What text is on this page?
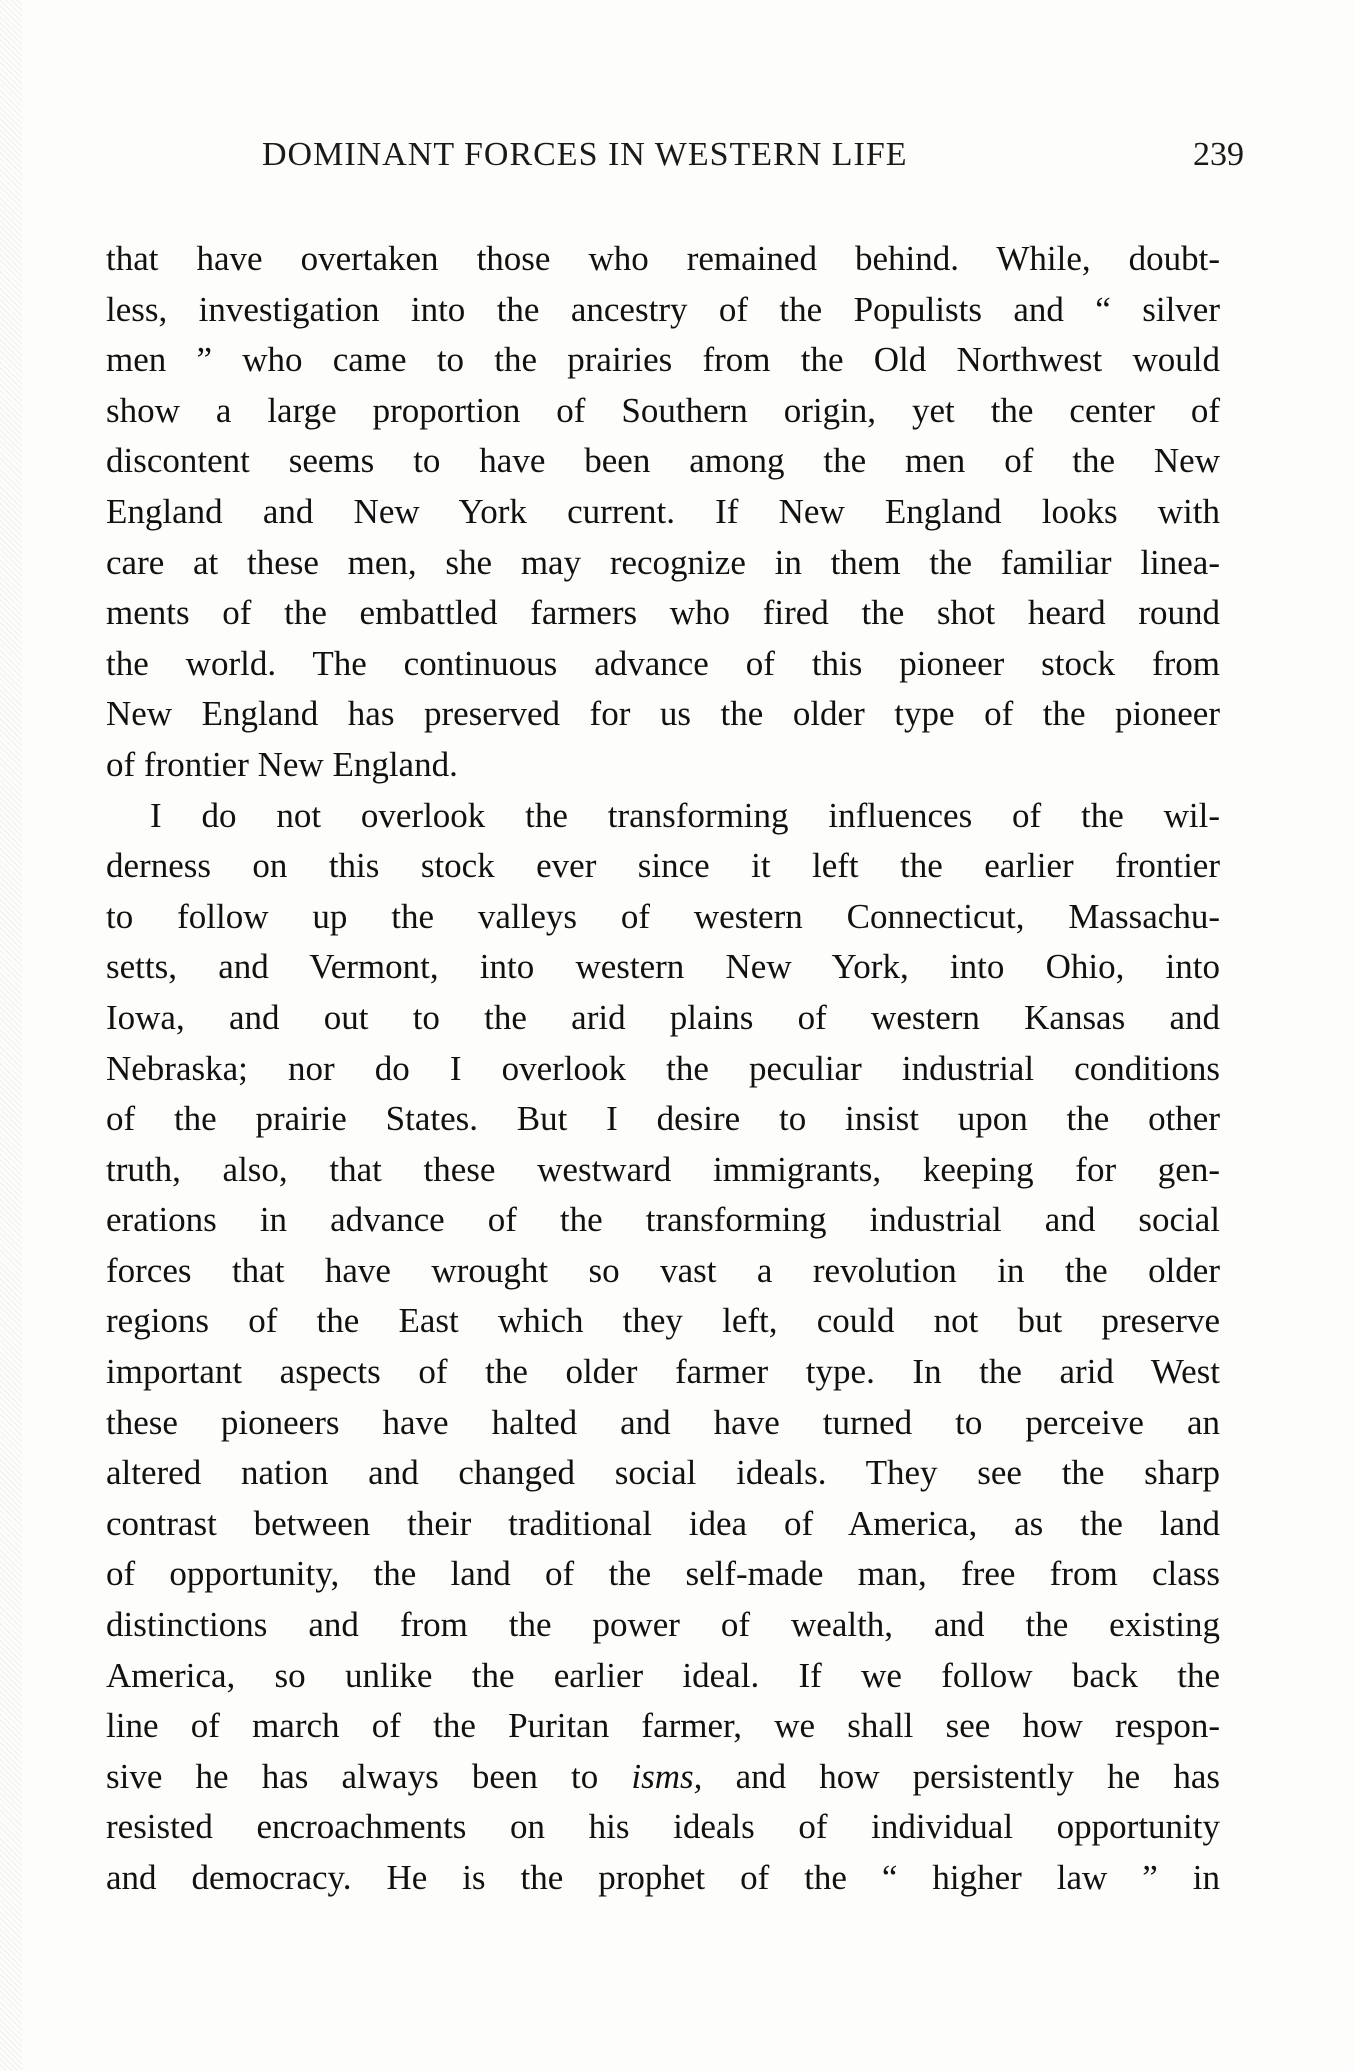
DOMINANT FORCES IN WESTERN LIFE	239
that have overtaken those who remained behind. While, doubt-
less, investigation into the ancestry of the Populists and “ silver
men ” who came to the prairies from the Old Northwest would
show a large proportion of Southern origin, yet the center of
discontent seems to have been among the men of the New
England and New York current. If New England looks with
care at these men, she may recognize in them the familiar linea-
ments of the embattled farmers who fired the shot heard round
the world. The continuous advance of this pioneer stock from
New England has preserved for us the older type of the pioneer
of frontier New England.
I do not overlook the transforming influences of the wil-
derness on this stock ever since it left the earlier frontier
to follow up the valleys of western Connecticut, Massachu-
setts, and Vermont, into western New York, into Ohio, into
Iowa, and out to the arid plains of western Kansas and
Nebraska; nor do I overlook the peculiar industrial conditions
of the prairie States. But I desire to insist upon the other
truth, also, that these westward immigrants, keeping for gen-
erations in advance of the transforming industrial and social
forces that have wrought so vast a revolution in the older
regions of the East which they left, could not but preserve
important aspects of the older farmer type. In the arid West
these pioneers have halted and have turned to perceive an
altered nation and changed social ideals. They see the sharp
contrast between their traditional idea of America, as the land
of opportunity, the land of the self-made man, free from class
distinctions and from the power of wealth, and the existing
America, so unlike the earlier ideal. If we follow back the
line of march of the Puritan farmer, we shall see how respon-
sive he has always been to isms, and how persistently he has
resisted encroachments on his ideals of individual opportunity
and democracy. He is the prophet of the “ higher law ” in
